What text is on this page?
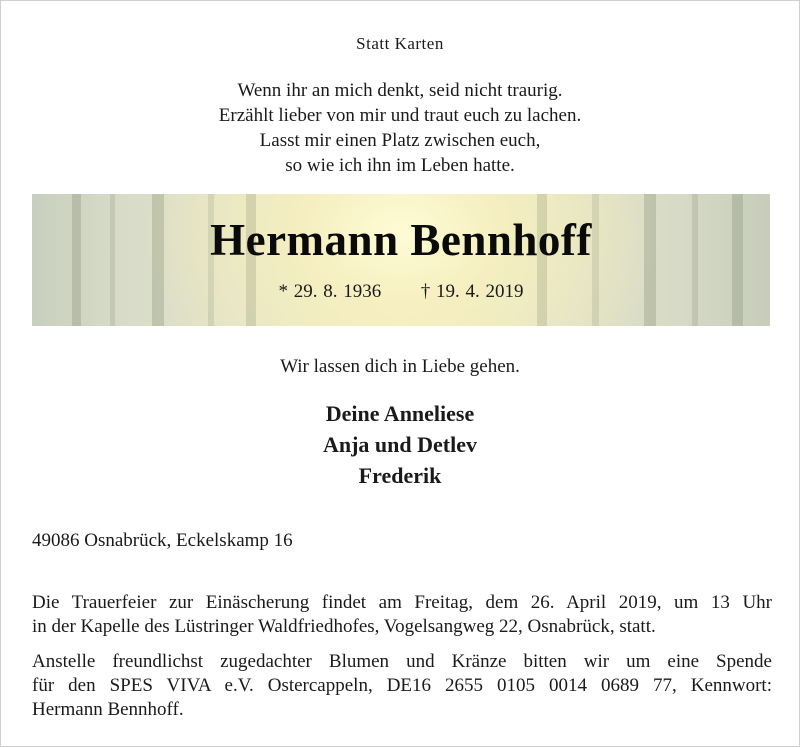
Statt Karten
Wenn ihr an mich denkt, seid nicht traurig.
Erzählt lieber von mir und traut euch zu lachen.
Lasst mir einen Platz zwischen euch,
so wie ich ihn im Leben hatte.
Hermann Bennhoff
* 29. 8. 1936 † 19. 4. 2019
Wir lassen dich in Liebe gehen.
Deine Anneliese
Anja und Detlev
Frederik
49086 Osnabrück, Eckelskamp 16
Die Trauerfeier zur Einäscherung findet am Freitag, dem 26. April 2019, um 13 Uhr
in der Kapelle des Lüstringer Waldfriedhofes, Vogelsangweg 22, Osnabrück, statt.
Anstelle freundlichst zugedachter Blumen und Kränze bitten wir um eine Spende
für den SPES VIVA e.V. Ostercappeln, DE16 2655 0105 0014 0689 77, Kennwort:
Hermann Bennhoff.
